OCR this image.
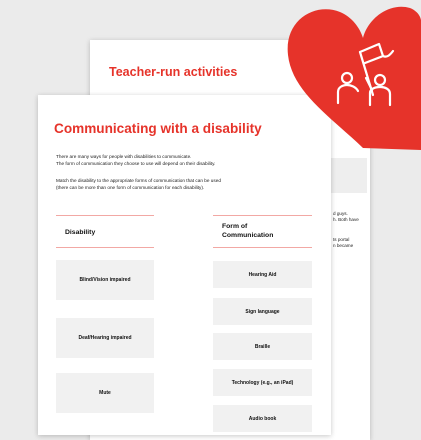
Teacher-run activities
d guys.
h. Both have
ts portal
n became
Communicating with a disability
There are many ways for people with disabilities to communicate.
The form of communication they choose to use will depend on their disability.
Match the disability to the appropriate forms of communication that can be used
(there can be more than one form of communication for each disability).
Disability
Form of
Communication
Blind/Vision impaired
Deaf/Hearing impaired
Mute
Hearing Aid
Sign language
Braille
Technology (e.g., an iPad)
Audio book
